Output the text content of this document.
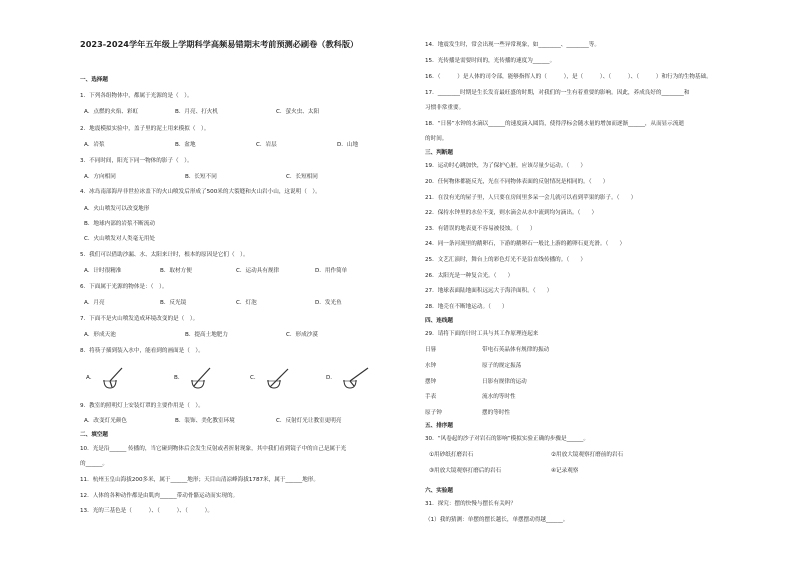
2023-2024学年五年级上学期科学高频易错期末考前预测必刷卷（教科版）
一、选择题
1．下列各组物体中，都属于光源的是（　）。
A．点燃的火焰、彩虹	B．月亮、打火机	C．萤火虫、太阳
2．地震模拟实验中，盖子里的泥土用来模拟（　）。
A．岩浆	B．盆地	C．岩层	D．山地
3．不同时间，阳光下同一物体的影子（　）。
A．方向相同	B．长短不同	C．长短相同
4．冰岛南部海岸非世拉冰盖下的火山喷发后形成了500米的大裂缝和火山岩小山，这说明（　）。
A．火山喷发可以改变地形
B．地球内部的岩浆不断流动
C．火山喷发对人类毫无用处
5．我们可以借助沙漏、水、太阳来计时，根本的原因是它们（　）。
A．计时很精准	B．取材方便	C．运动具有规律	D．用作简单
6．下面属于光源的物体是：（　）。
A．月亮	B．反光镜	C．灯泡	D．发光鱼
7．下面不是火山喷发造成环境改变的是（　）。
A．形成天池	B．提高土地肥力	C．形成沙漠
8．将筷子插到装入水中，能看到的画面是（　）。
A．	B．	C．	D．
9．教室的照明灯上安装灯罩的主要作用是（　）。
A．改变灯光颜色	B．装饰、美化教室环境	C．反射灯光让教室更明亮
二、填空题
10．光是沿______ 传播的，当它碰到物体后会发生反射或者折射现象，其中我们看到镜子中的自己是属于光
的______。
11．杭州玉皇山海拔200多米，属于______地形；天目山清凉峰海拔1787米，属于______地形。
12．人体的各种动作都是由肌肉______带动骨骼运动而实现的。
13．光的三基色是（　　　）、（　　　）、（　　　）。
14．地震发生时，常会出现一些异常现象，如________、________等。
15．光传播是需要时间的，光传播的速度为______。
16．（　　　）是人体的司令部，能够指挥人的（　　　），是（　　　）、（　　　）、（　　　）和行为的生物基础。
17．________时期是生长发育最旺盛的时期，对我们的一生有着重要的影响。因此，养成良好的________和
习惯非常重要。
18．“日晷”水钟的水滴以______的速度滴入圆筒，使得浮标会随水量的增加而逐渐______，从而显示流逝
的时间。
三、判断题
19．运动时心跳加快，为了保护心脏，应该尽量少运动。（　　）
20．任何物体都能反光，光在不同物体表面的反射情况是相同的。（　　）
21．在没有光的屋子里，人只要在房间里多呆一会儿就可以看到苹果的影子。（　　）
22．保持水钟里的水位不变，则水滴会从水中流到均匀滴出。（　　）
23．有错误的地表更不容易被侵蚀。（　　）
24．同一条河流里的鹅卵石，下游的鹅卵石一般比上游的鹅卵石更光滑。（　　）
25．文艺汇演时，舞台上的彩色灯光不是沿直线传播的。（　　）
26．太阳光是一种复合光。（　　）
27．地球表面陆地面积远远大于海洋面积。（　　）
28．地壳在不断地运动。（　　）
四、连线题
29．请将下面的计时工具与其工作原理连起来
日晷	带电石英晶体有规律的振动
水钟	原子的规定振荡
摆钟	日影有规律的运动
手表	流水的等时性
原子钟	摆的等时性
五、排序题
30．“风卷起的沙子对岩石的影响”模拟实验正确的步骤是______。
①用砂纸打磨岩石	②用放大镜观察打磨前的岩石
③用放大镜观察打磨后的岩石	④记录观察
六、实验题
31．探究：摆的快慢与摆长有关吗？
（1）我的猜测：单摆的摆长越长，单摆摆动得越______。
